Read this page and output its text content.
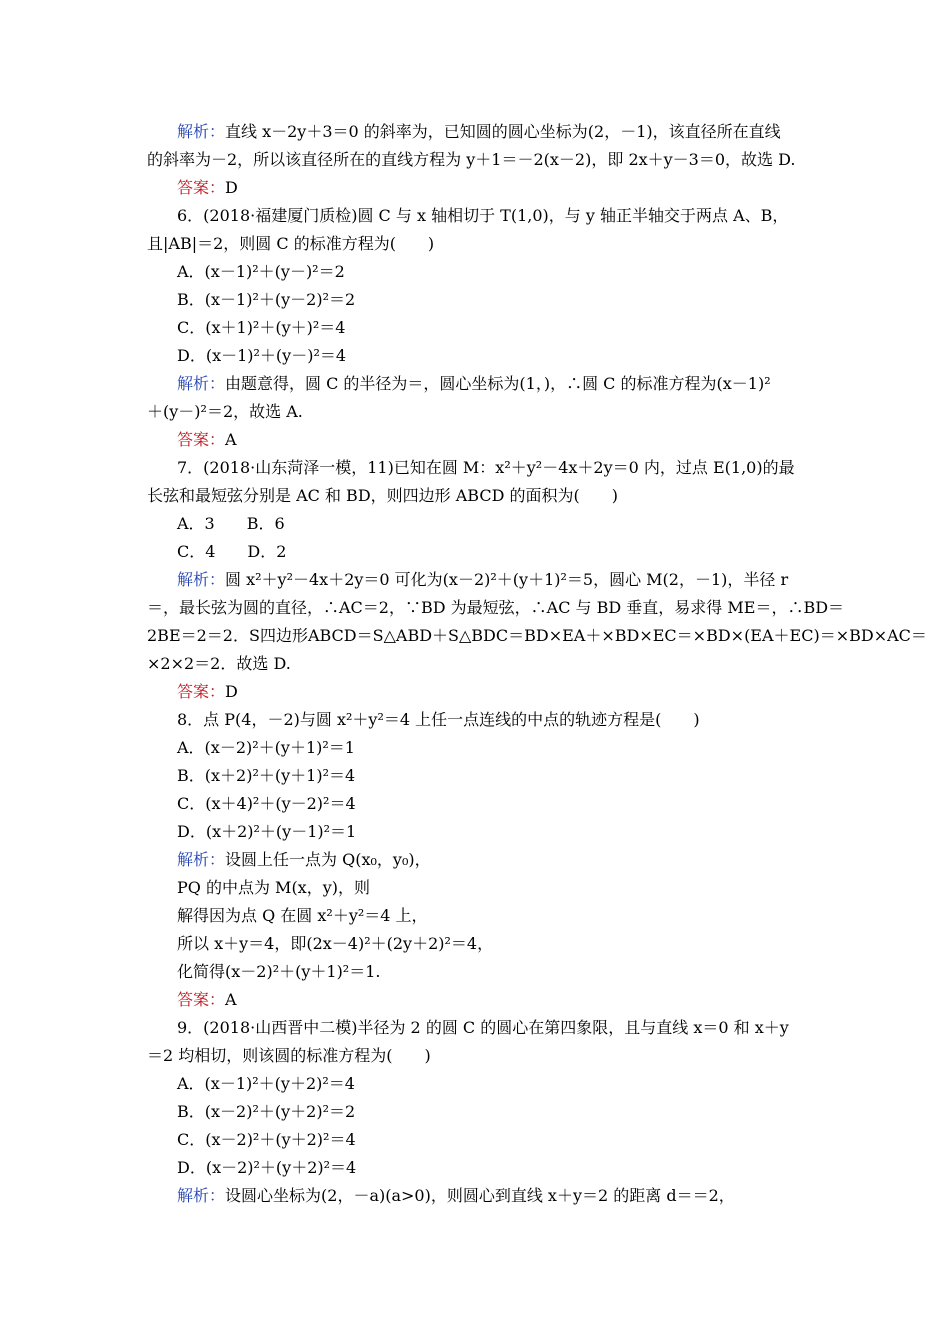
解析：直线 x－2y＋3＝0 的斜率为，已知圆的圆心坐标为(2，－1)，该直径所在直线
的斜率为－2，所以该直径所在的直线方程为 y＋1＝－2(x－2)，即 2x＋y－3＝0，故选 D.
答案：D
6．(2018·福建厦门质检)圆 C 与 x 轴相切于 T(1,0)，与 y 轴正半轴交于两点 A、B，
且|AB|＝2，则圆 C 的标准方程为(　　)
A．(x－1)²＋(y－)²＝2
B．(x－1)²＋(y－2)²＝2
C．(x＋1)²＋(y＋)²＝4
D．(x－1)²＋(y－)²＝4
解析：由题意得，圆 C 的半径为＝，圆心坐标为(1，)，∴圆 C 的标准方程为(x－1)²
＋(y－)²＝2，故选 A.
答案：A
7．(2018·山东菏泽一模，11)已知在圆 M：x²＋y²－4x＋2y＝0 内，过点 E(1,0)的最
长弦和最短弦分别是 AC 和 BD，则四边形 ABCD 的面积为(　　)
A．3　　B．6
C．4　　D．2
解析：圆 x²＋y²－4x＋2y＝0 可化为(x－2)²＋(y＋1)²＝5，圆心 M(2，－1)，半径 r
＝，最长弦为圆的直径，∴AC＝2，∵BD 为最短弦，∴AC 与 BD 垂直，易求得 ME＝，∴BD＝
2BE＝2＝2．S四边形ABCD＝S△ABD＋S△BDC＝BD×EA＋×BD×EC＝×BD×(EA＋EC)＝×BD×AC＝
×2×2＝2．故选 D.
答案：D
8．点 P(4，－2)与圆 x²＋y²＝4 上任一点连线的中点的轨迹方程是(　　)
A．(x－2)²＋(y＋1)²＝1
B．(x＋2)²＋(y＋1)²＝4
C．(x＋4)²＋(y－2)²＝4
D．(x＋2)²＋(y－1)²＝1
解析：设圆上任一点为 Q(x₀，y₀)，
PQ 的中点为 M(x，y)，则
解得因为点 Q 在圆 x²＋y²＝4 上，
所以 x＋y＝4，即(2x－4)²＋(2y＋2)²＝4，
化简得(x－2)²＋(y＋1)²＝1.
答案：A
9．(2018·山西晋中二模)半径为 2 的圆 C 的圆心在第四象限，且与直线 x＝0 和 x＋y
＝2 均相切，则该圆的标准方程为(　　)
A．(x－1)²＋(y＋2)²＝4
B．(x－2)²＋(y＋2)²＝2
C．(x－2)²＋(y＋2)²＝4
D．(x－2)²＋(y＋2)²＝4
解析：设圆心坐标为(2，－a)(a>0)，则圆心到直线 x＋y＝2 的距离 d＝＝2，
